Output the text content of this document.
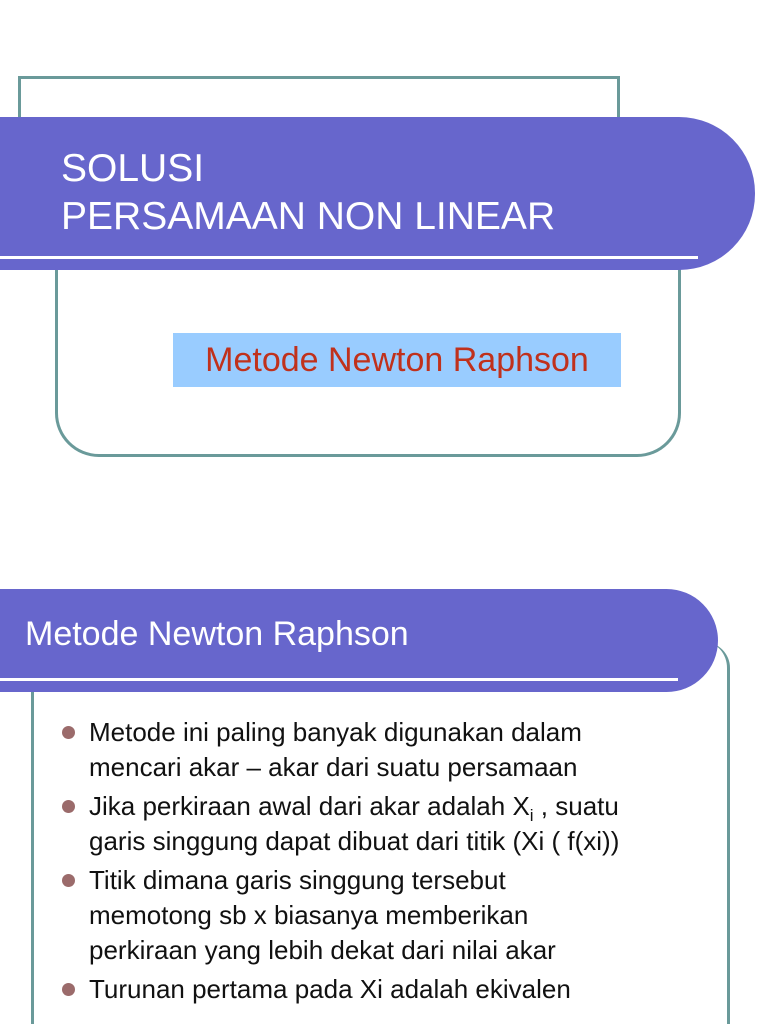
SOLUSI
PERSAMAAN NON LINEAR
Metode Newton Raphson
Metode Newton Raphson
Metode ini paling banyak digunakan dalam
mencari akar – akar dari suatu persamaan
Jika perkiraan awal dari akar adalah $X_i$ , suatu
garis singgung dapat dibuat dari titik (Xi ( f(xi))
Titik dimana garis singgung tersebut
memotong sb x biasanya memberikan
perkiraan yang lebih dekat dari nilai akar
Turunan pertama pada Xi adalah ekivalen
